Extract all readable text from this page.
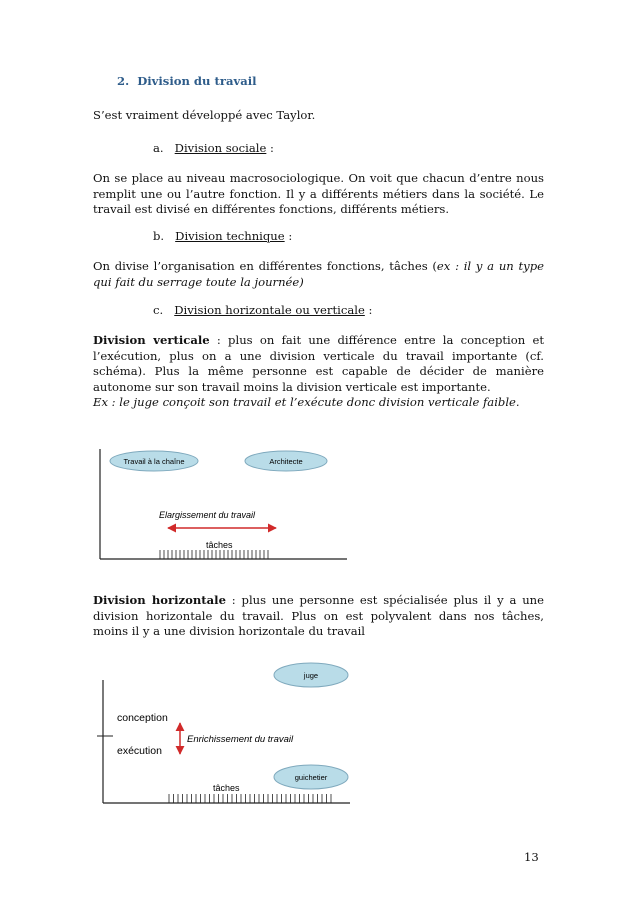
2. Division du travail
S’est vraiment développé avec Taylor.
a. Division sociale :

On se place au niveau macrosociologique. On voit que chacun d’entre nous remplit une ou l’autre fonction. Il y a différents métiers dans la société. Le travail est divisé en différentes fonctions, différents métiers.

b. Division technique :

On divise l’organisation en différentes fonctions, tâches (ex : il y a un type qui fait du serrage toute la journée)

c. Division horizontale ou verticale :

Division verticale : plus on fait une différence entre la conception et l’exécution, plus on a une division verticale du travail importante (cf. schéma). Plus la même personne est capable de décider de manière autonome sur son travail moins la division verticale est importante.

Ex : le juge conçoit son travail et l’exécute donc division verticale faible.

Travail à la chaîne	Architecte
Elargissement du travail
tâches

Division horizontale : plus une personne est spécialisée plus il y a une division horizontale du travail. Plus on est polyvalent dans nos tâches, moins il y a une division horizontale du travail

juge
guichetier
conception
exécution
Enrichissement du travail
tâches
13
